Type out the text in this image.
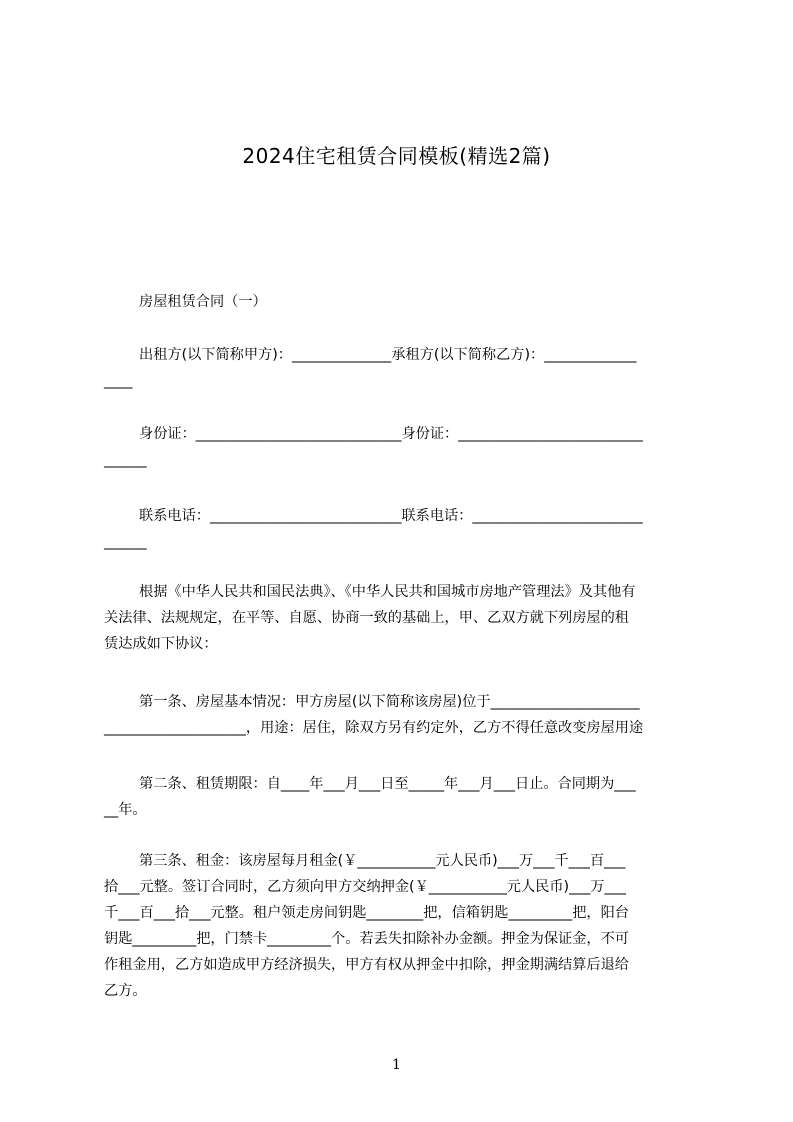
2024住宅租赁合同模板(精选2篇)
房屋租赁合同（一）
出租方(以下简称甲方)：______________承租方(以下简称乙方)：_____________
____
身份证：_____________________________身份证：__________________________
______
联系电话：___________________________联系电话：________________________
______
根据《中华人民共和国民法典》、《中华人民共和国城市房地产管理法》及其他有
关法律、法规规定，在平等、自愿、协商一致的基础上，甲、乙双方就下列房屋的租
赁达成如下协议：
第一条、房屋基本情况：甲方房屋(以下简称该房屋)位于_____________________
____________________，用途：居住，除双方另有约定外，乙方不得任意改变房屋用途
第二条、租赁期限：自____年___月___日至_____年___月___日止。合同期为___
__年。
第三条、租金：该房屋每月租金(￥___________元人民币)___万___千___百___
拾___元整。签订合同时，乙方须向甲方交纳押金(￥___________元人民币)___万___
千___百___拾___元整。租户领走房间钥匙________把，信箱钥匙_________把，阳台
钥匙_________把，门禁卡_________个。若丢失扣除补办金额。押金为保证金，不可
作租金用，乙方如造成甲方经济损失，甲方有权从押金中扣除，押金期满结算后退给
乙方。
1
